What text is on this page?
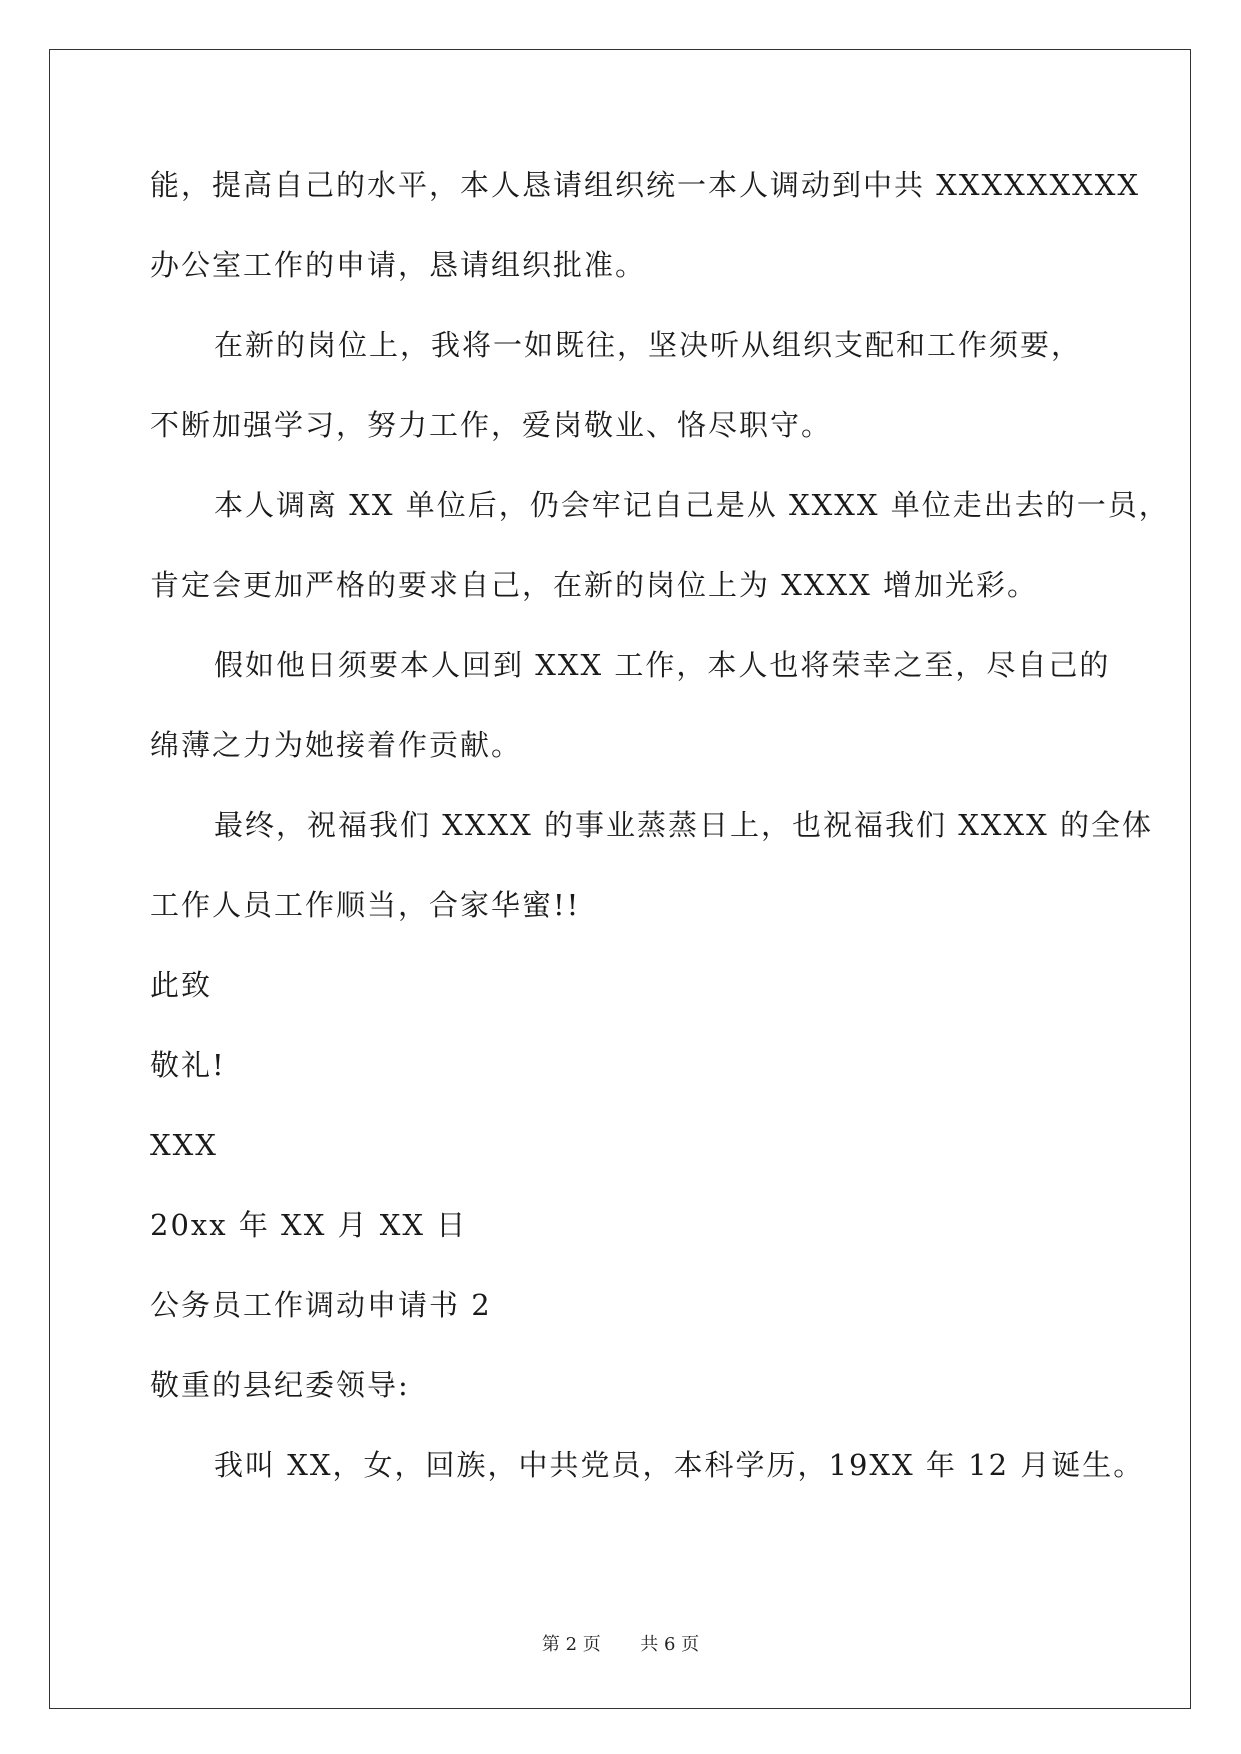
能，提高自己的水平，本人恳请组织统一本人调动到中共 XXXXXXXXX
办公室工作的申请，恳请组织批准。
在新的岗位上，我将一如既往，坚决听从组织支配和工作须要，
不断加强学习，努力工作，爱岗敬业、恪尽职守。
本人调离 XX 单位后，仍会牢记自己是从 XXXX 单位走出去的一员，
肯定会更加严格的要求自己，在新的岗位上为 XXXX 增加光彩。
假如他日须要本人回到 XXX 工作，本人也将荣幸之至，尽自己的
绵薄之力为她接着作贡献。
最终，祝福我们 XXXX 的事业蒸蒸日上，也祝福我们 XXXX 的全体
工作人员工作顺当，合家华蜜!!
此致
敬礼!
XXX
20xx 年 XX 月 XX 日
公务员工作调动申请书 2
敬重的县纪委领导:
我叫 XX，女，回族，中共党员，本科学历，19XX 年 12 月诞生。
第 2 页 共 6 页
